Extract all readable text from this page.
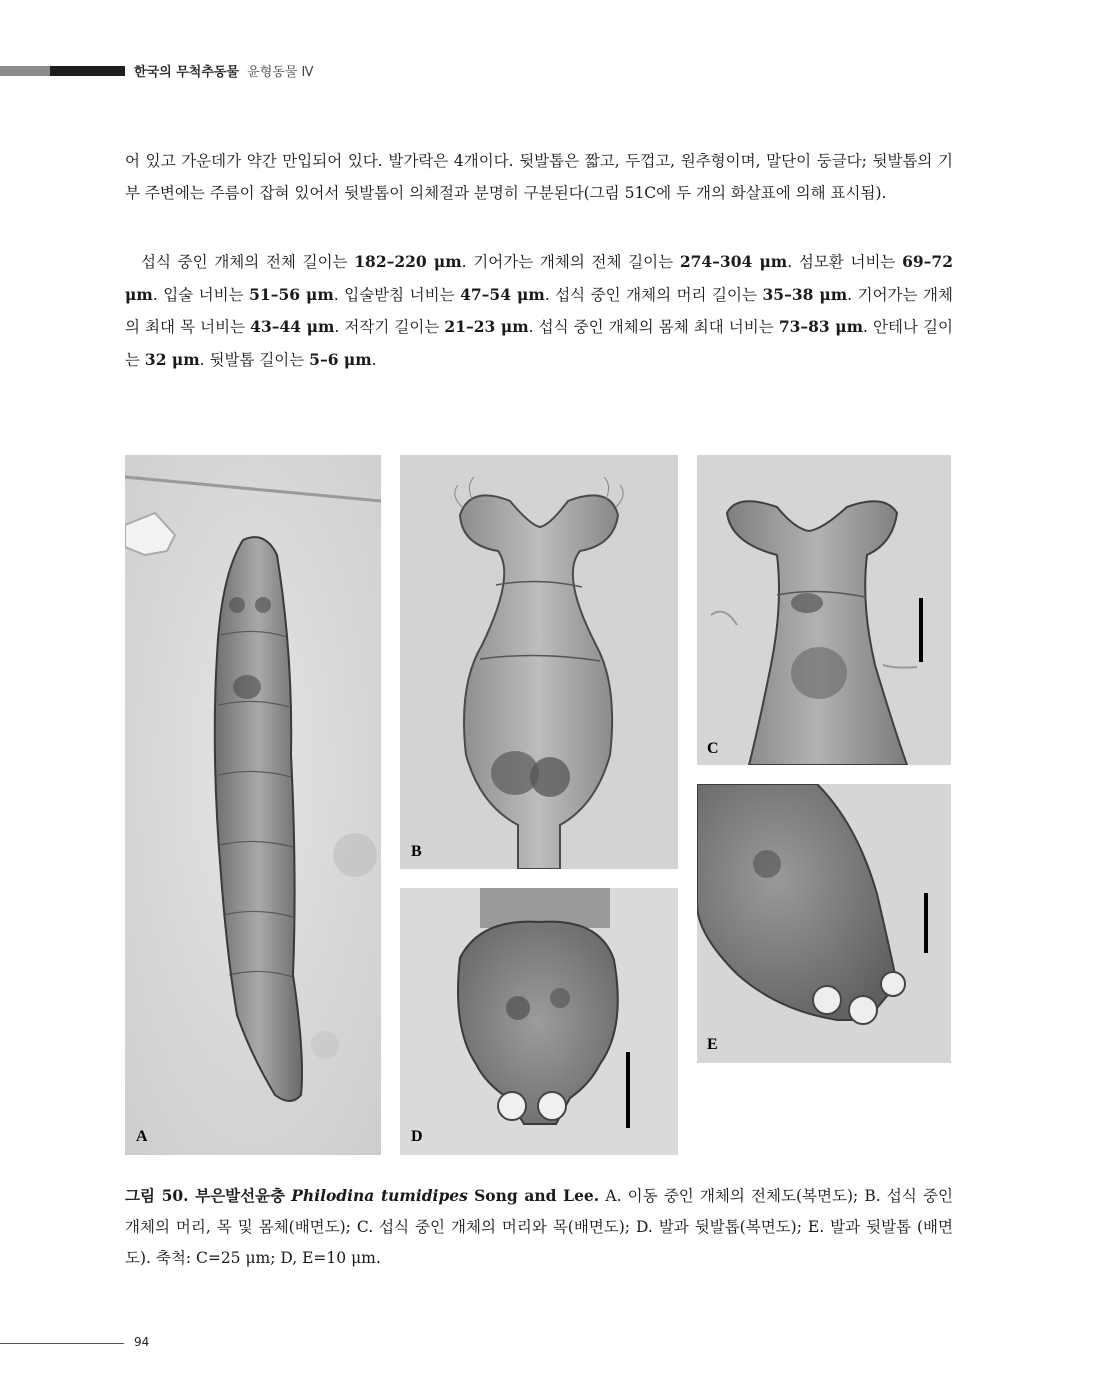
한국의 무척추동물 윤형동물 Ⅳ

어 있고 가운데가 약간 만입되어 있다. 발가락은 4개이다. 뒷발톱은 짧고, 두껍고, 원추형이며, 말단이 둥글다; 뒷발톱의 기부 주변에는 주름이 잡혀 있어서 뒷발톱이 의체절과 분명히 구분된다(그림 51C에 두 개의 화살표에 의해 표시됨).

섭식 중인 개체의 전체 길이는 182–220 μm. 기어가는 개체의 전체 길이는 274–304 μm. 섬모환 너비는 69–72 μm. 입술 너비는 51–56 μm. 입술받침 너비는 47–54 μm. 섭식 중인 개체의 머리 길이는 35–38 μm. 기어가는 개체의 최대 목 너비는 43–44 μm. 저작기 길이는 21–23 μm. 섭식 중인 개체의 몸체 최대 너비는 73–83 μm. 안테나 길이는 32 μm. 뒷발톱 길이는 5–6 μm.

A
B
C
D
E
그림 50. 부은발선윤충 Philodina tumidipes Song and Lee. A. 이동 중인 개체의 전체도(복면도); B. 섭식 중인 개체의 머리, 목 및 몸체(배면도); C. 섭식 중인 개체의 머리와 목(배면도); D. 발과 뒷발톱(복면도); E. 발과 뒷발톱 (배면도). 축척: C=25 μm; D, E=10 μm.
94
